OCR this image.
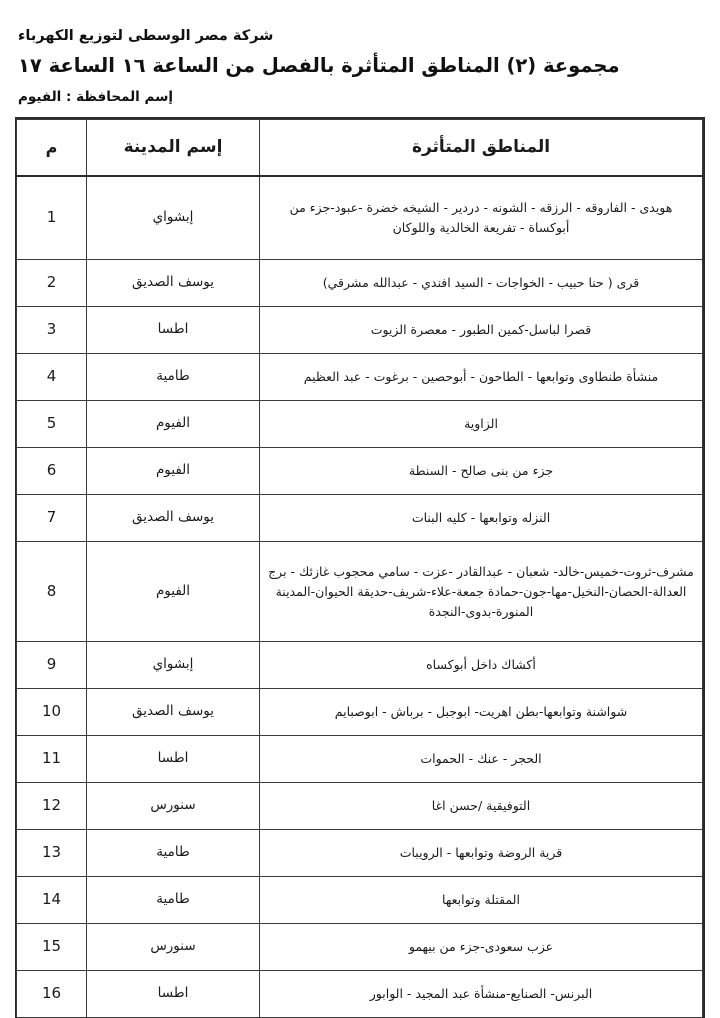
شركة مصر الوسطى لتوزيع الكهرباء
مجموعة (٢) المناطق المتأثرة بالفصل من الساعة ١٦ الساعة ١٧
إسم المحافظة : الفيوم
المناطق المتأثرة	إسم المدينة	م
هويدى - الفاروقه - الرزقه - الشونه - دردير - الشيخه خضرة -عبود-جزء من أبوكساة - تفريعة الخالدية واللوكان	إبشواي	1
قرى ( حنا حبيب - الخواجات - السيد افندي - عبدالله مشرقي)	يوسف الصديق	2
قصرا لباسل-كمين الطبور - معصرة الزيوت	اطسا	3
منشأة طنطاوى وتوابعها - الطاحون - أبوحصين - برغوت - عبد العظيم	طامية	4
الزاوية	الفيوم	5
جزء من بنى صالح - السنطة	الفيوم	6
النزله وتوابعها - كليه البنات	يوسف الصديق	7
مشرف-ثروت-خميس-خالد- شعبان - عبدالقادر -عزت - سامي محجوب غازئك - برج العدالة-الحصان-النخيل-مها-جون-حمادة جمعة-علاء-شريف-حديقة الحيوان-المدينة المنورة-بدوى-النجدة	الفيوم	8
أكشاك داخل أبوكساه	إبشواي	9
شواشنة وتوابعها-بطن اهريت- ابوجبل - برباش - ابوصبايم	يوسف الصديق	10
الحجر - عنك - الحموات	اطسا	11
التوفيقية /حسن اغا	سنورس	12
قرية الروضة وتوابعها - الرويبات	طامية	13
المقتلة وتوابعها	طامية	14
عزب سعودى-جزء من بيهمو	سنورس	15
البرنس- الصنايع-منشأة عبد المجيد - الوابور	اطسا	16
